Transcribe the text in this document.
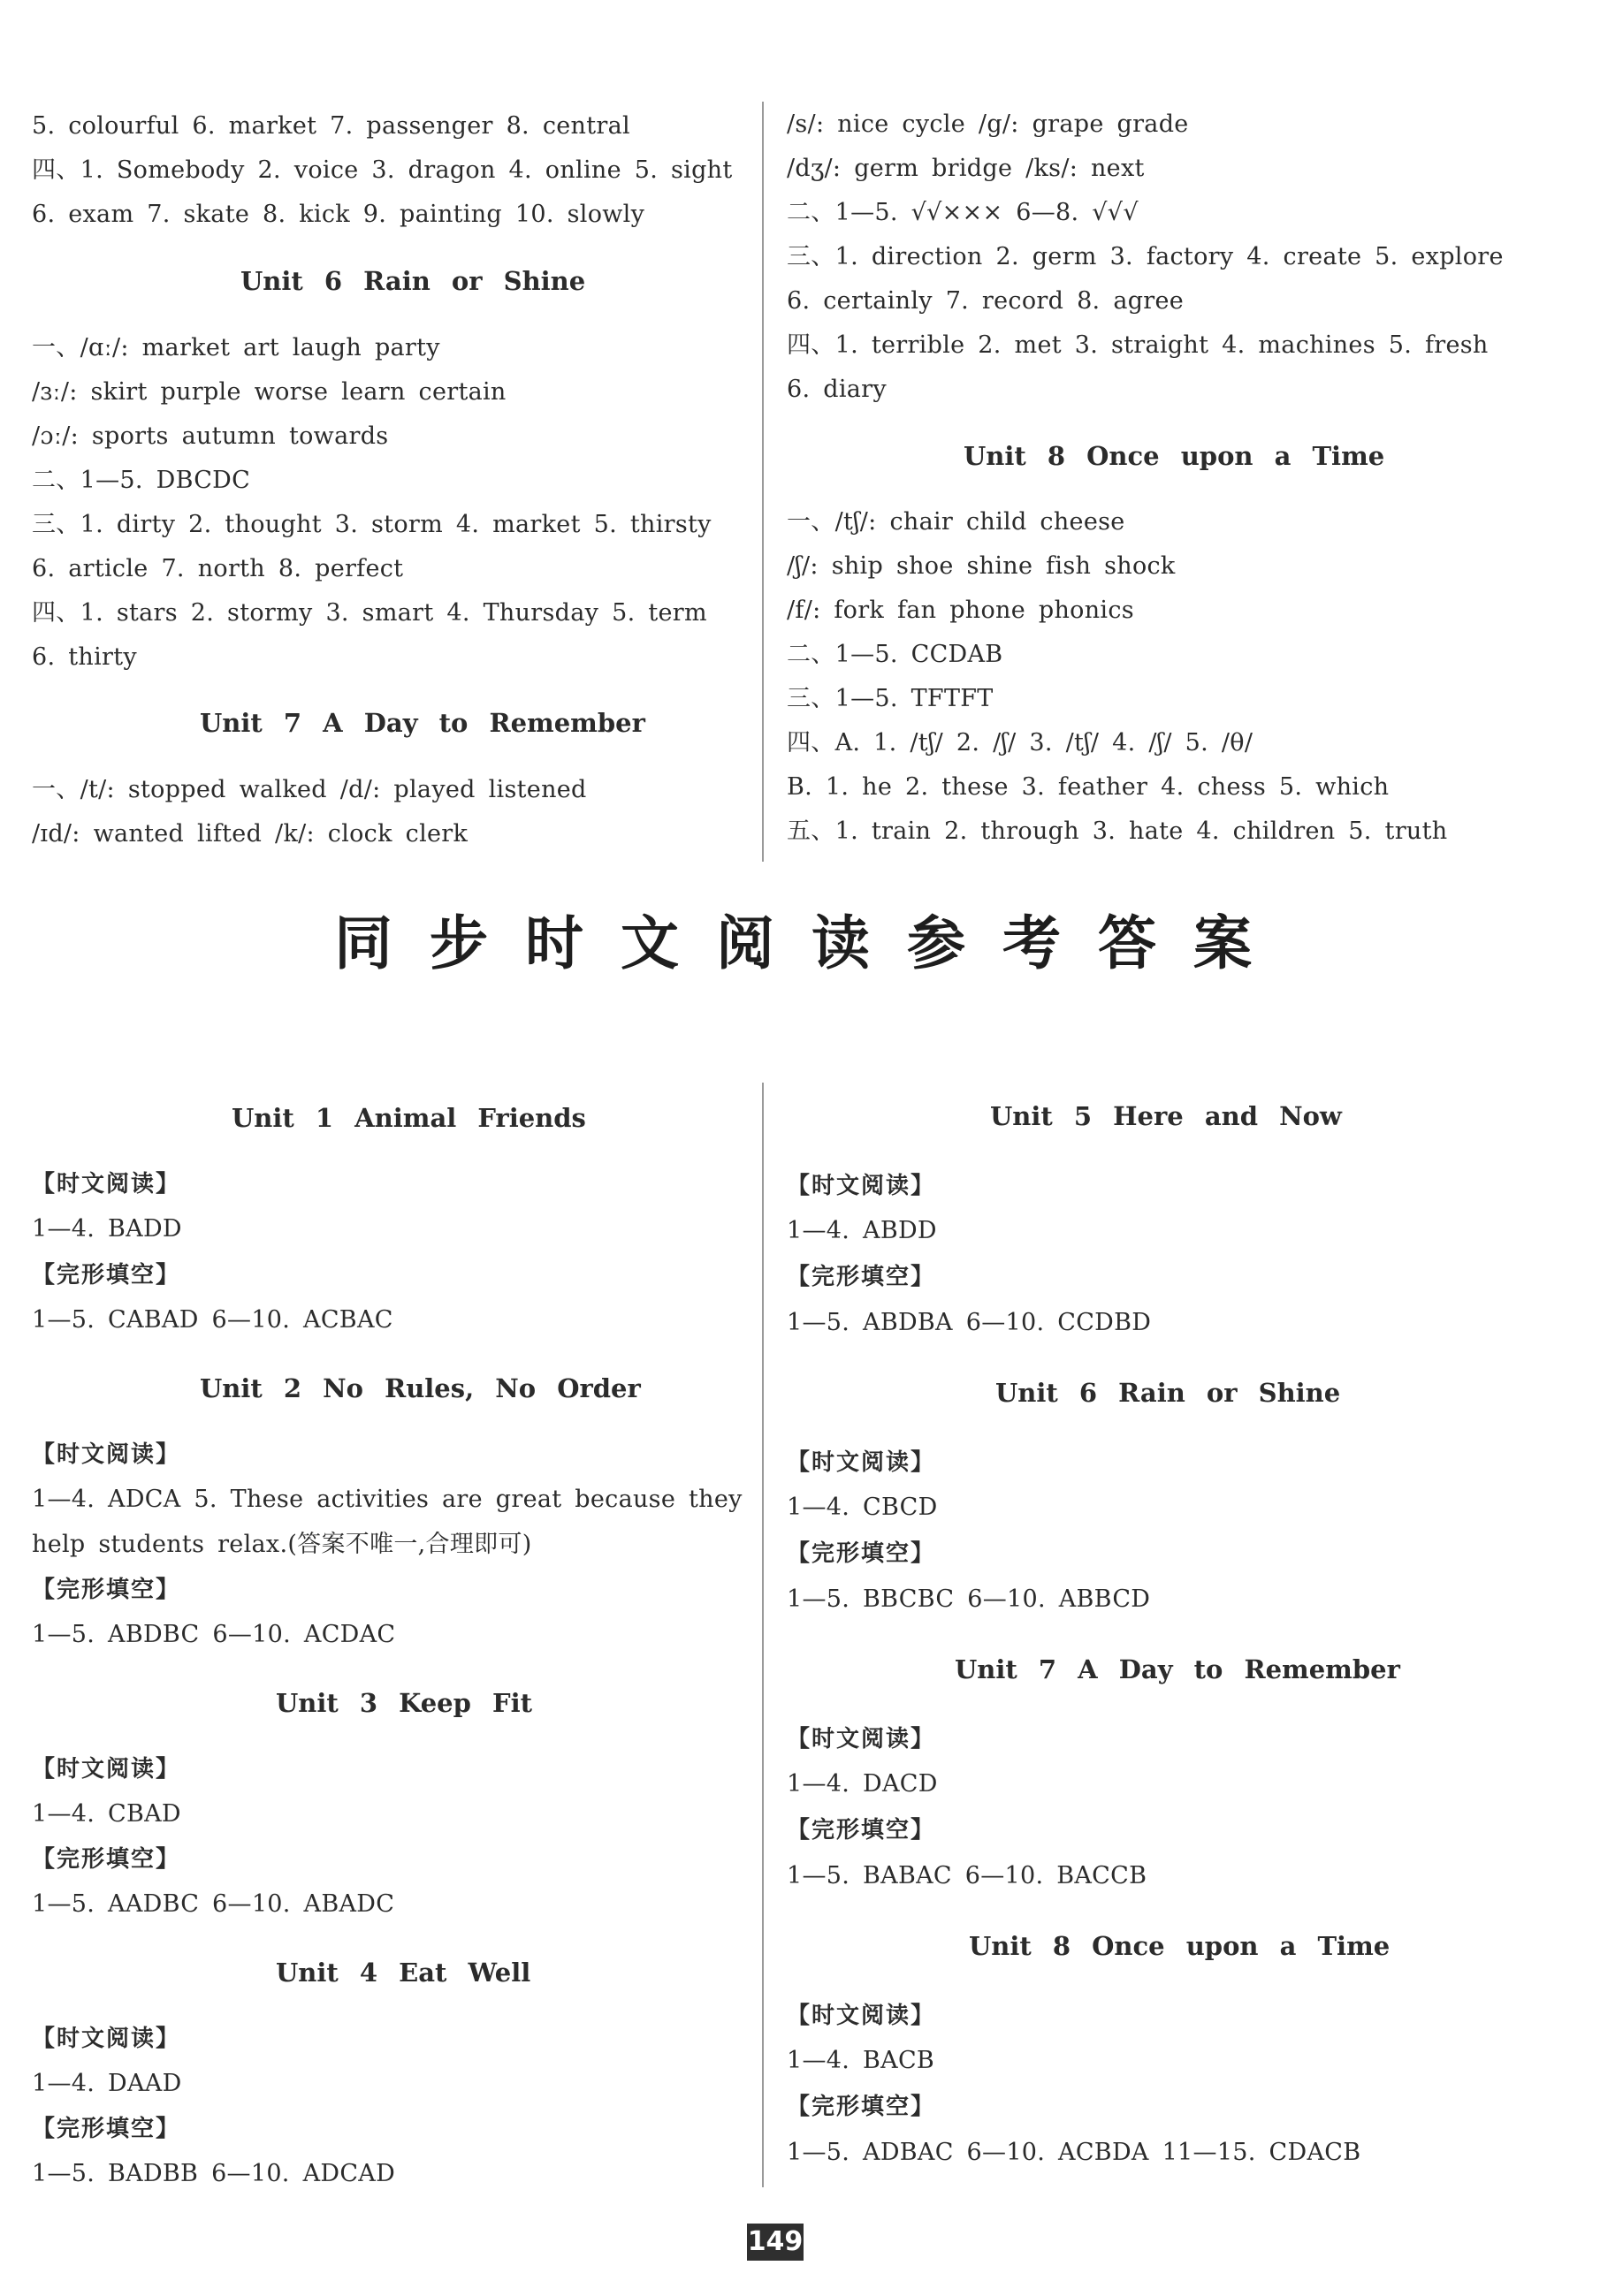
5. colourful 6. market 7. passenger 8. central
四、1. Somebody 2. voice 3. dragon 4. online 5. sight
6. exam 7. skate 8. kick 9. painting 10. slowly
Unit 6 Rain or Shine
一、/ɑː/: market art laugh party
/ɜː/: skirt purple worse learn certain
/ɔː/: sports autumn towards
二、1—5. DBCDC
三、1. dirty 2. thought 3. storm 4. market 5. thirsty
6. article 7. north 8. perfect
四、1. stars 2. stormy 3. smart 4. Thursday 5. term
6. thirty
Unit 7 A Day to Remember
一、/t/: stopped walked /d/: played listened
/ɪd/: wanted lifted /k/: clock clerk
/s/: nice cycle /g/: grape grade
/dʒ/: germ bridge /ks/: next
二、1—5. √√××× 6—8. √√√
三、1. direction 2. germ 3. factory 4. create 5. explore
6. certainly 7. record 8. agree
四、1. terrible 2. met 3. straight 4. machines 5. fresh
6. diary
Unit 8 Once upon a Time
一、/tʃ/: chair child cheese
/ʃ/: ship shoe shine fish shock
/f/: fork fan phone phonics
二、1—5. CCDAB
三、1—5. TFTFT
四、A. 1. /tʃ/ 2. /ʃ/ 3. /tʃ/ 4. /ʃ/ 5. /θ/
B. 1. he 2. these 3. feather 4. chess 5. which
五、1. train 2. through 3. hate 4. children 5. truth
同步时文阅读参考答案
Unit 1 Animal Friends
【时文阅读】
1—4. BADD
【完形填空】
1—5. CABAD 6—10. ACBAC
Unit 2 No Rules, No Order
【时文阅读】
1—4. ADCA 5. These activities are great because they
help students relax.(答案不唯一,合理即可)
【完形填空】
1—5. ABDBC 6—10. ACDAC
Unit 3 Keep Fit
【时文阅读】
1—4. CBAD
【完形填空】
1—5. AADBC 6—10. ABADC
Unit 4 Eat Well
【时文阅读】
1—4. DAAD
【完形填空】
1—5. BADBB 6—10. ADCAD
Unit 5 Here and Now
【时文阅读】
1—4. ABDD
【完形填空】
1—5. ABDBA 6—10. CCDBD
Unit 6 Rain or Shine
【时文阅读】
1—4. CBCD
【完形填空】
1—5. BBCBC 6—10. ABBCD
Unit 7 A Day to Remember
【时文阅读】
1—4. DACD
【完形填空】
1—5. BABAC 6—10. BACCB
Unit 8 Once upon a Time
【时文阅读】
1—4. BACB
【完形填空】
1—5. ADBAC 6—10. ACBDA 11—15. CDACB
149
